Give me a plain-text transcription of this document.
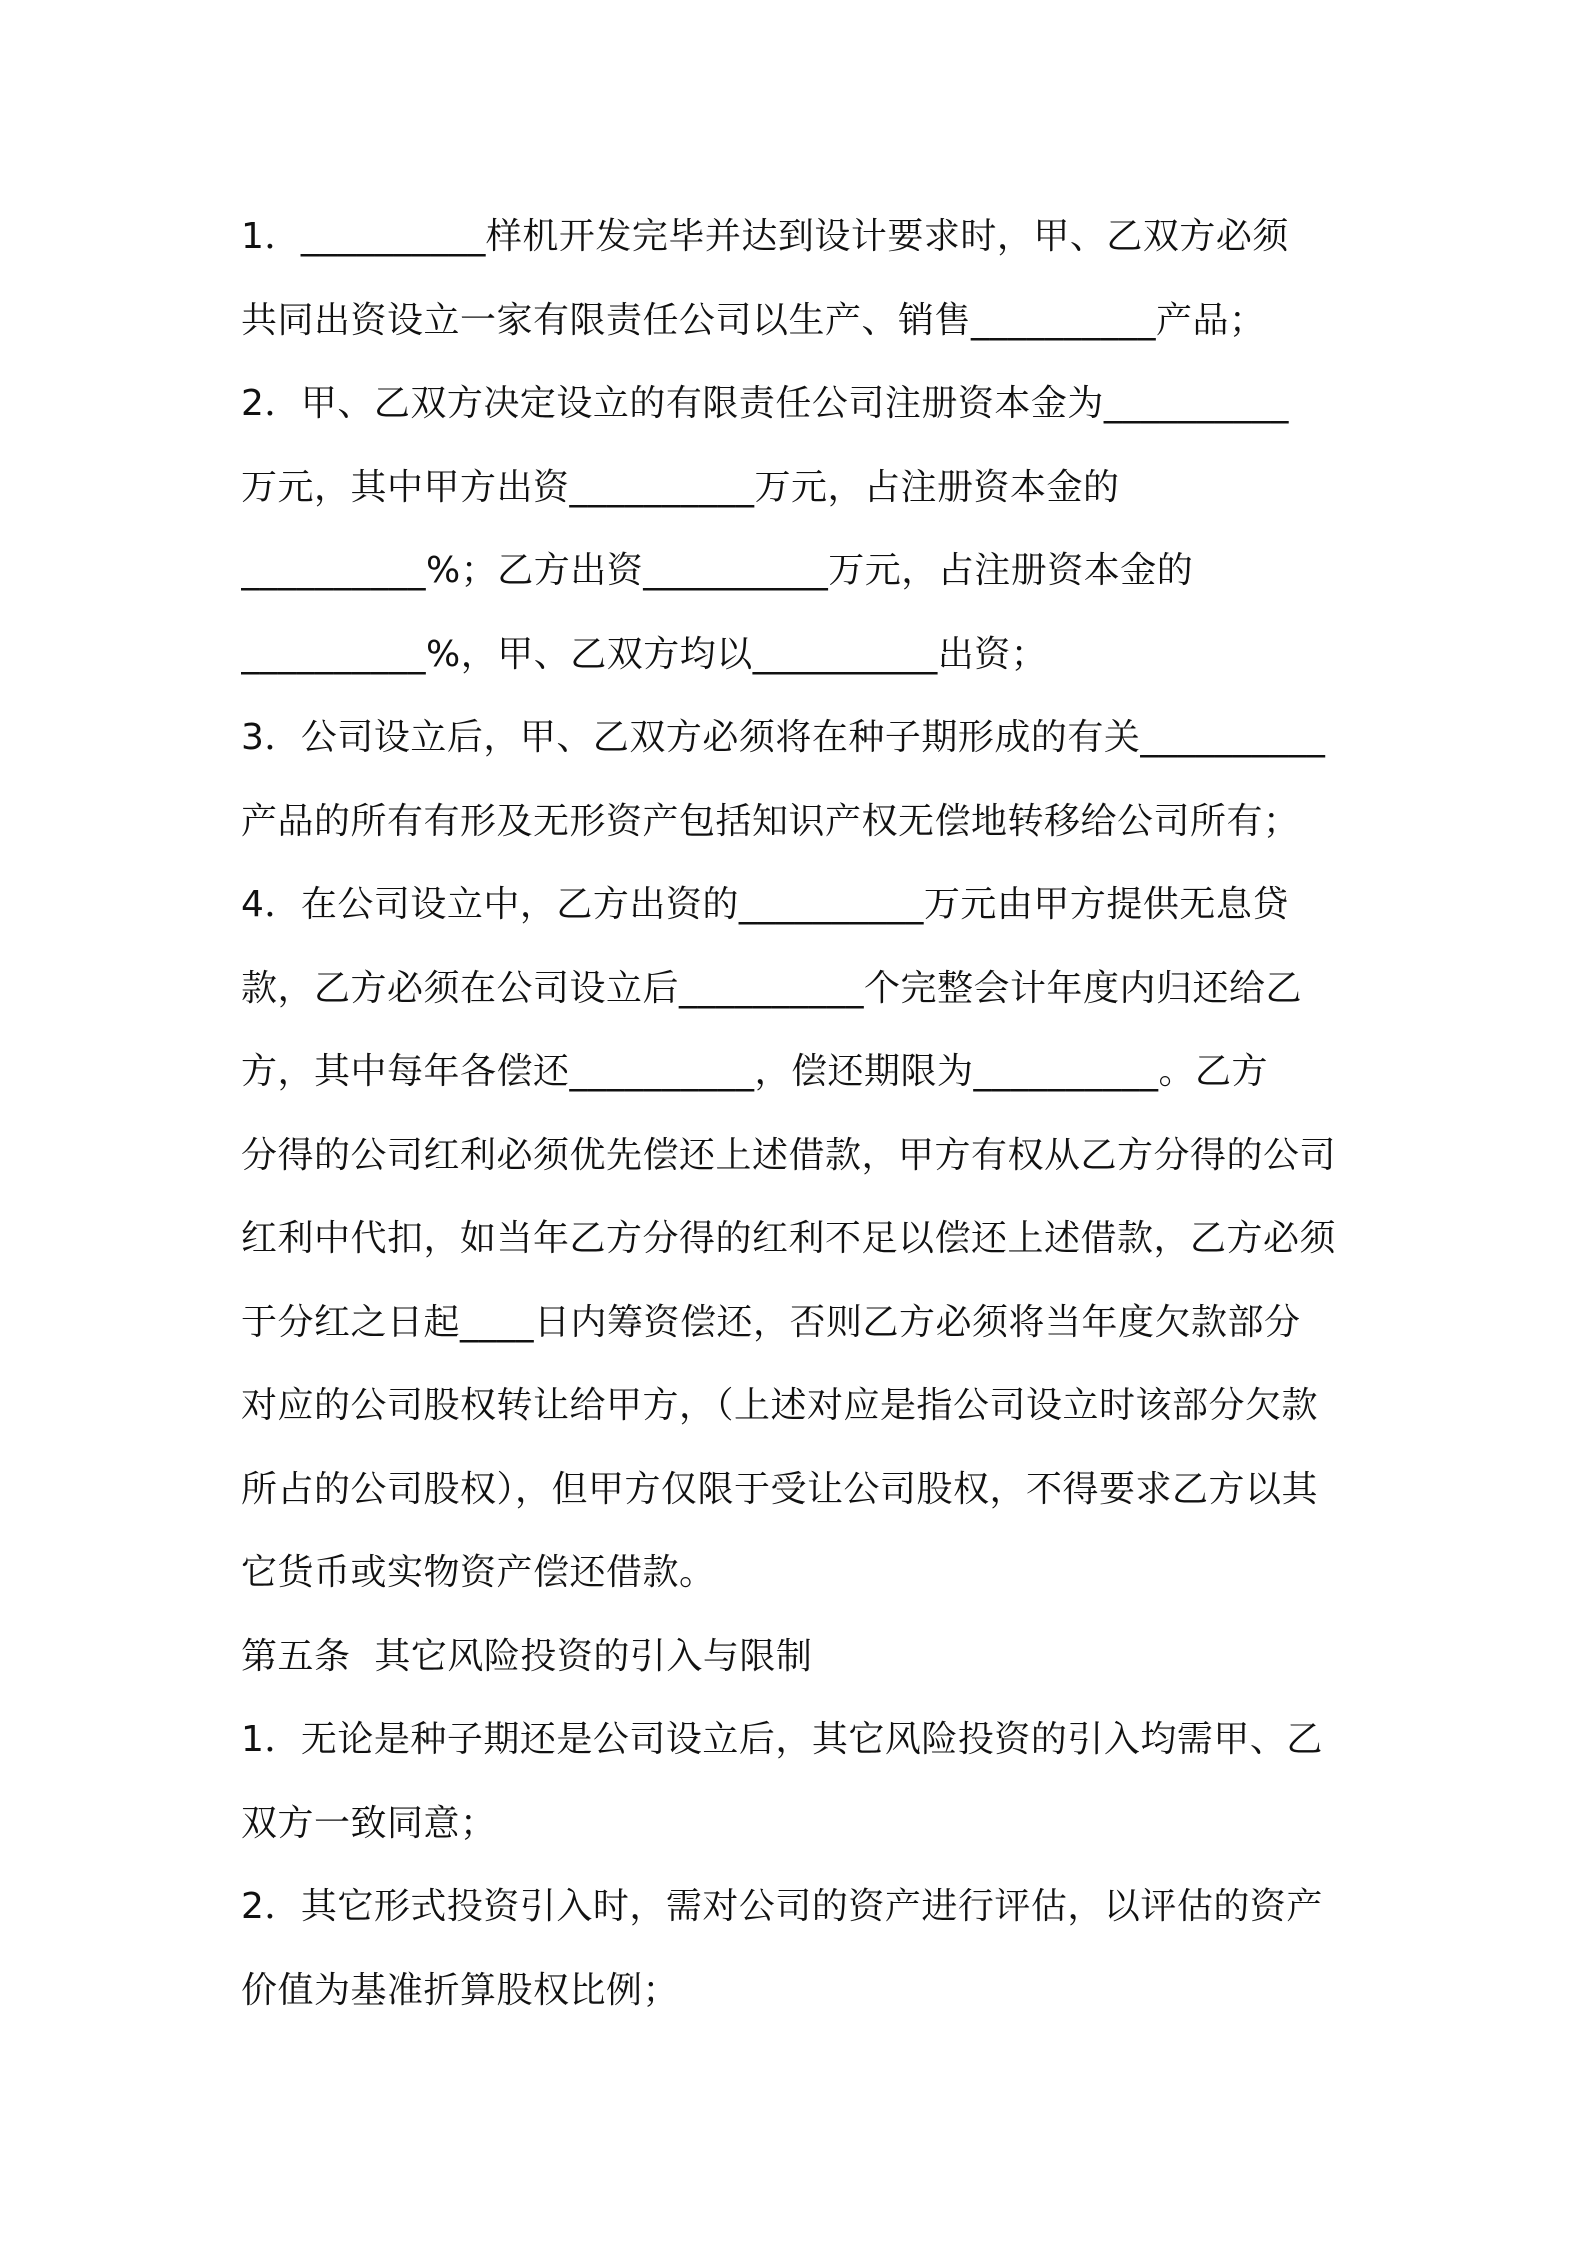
1．__________样机开发完毕并达到设计要求时，甲、乙双方必须
共同出资设立一家有限责任公司以生产、销售__________产品；
2．甲、乙双方决定设立的有限责任公司注册资本金为__________
万元，其中甲方出资__________万元，占注册资本金的
__________%；乙方出资__________万元，占注册资本金的
__________%，甲、乙双方均以__________出资；
3．公司设立后，甲、乙双方必须将在种子期形成的有关__________
产品的所有有形及无形资产包括知识产权无偿地转移给公司所有；
4．在公司设立中，乙方出资的__________万元由甲方提供无息贷
款，乙方必须在公司设立后__________个完整会计年度内归还给乙
方，其中每年各偿还__________，偿还期限为__________。乙方
分得的公司红利必须优先偿还上述借款，甲方有权从乙方分得的公司
红利中代扣，如当年乙方分得的红利不足以偿还上述借款，乙方必须
于分红之日起____日内筹资偿还，否则乙方必须将当年度欠款部分
对应的公司股权转让给甲方，（上述对应是指公司设立时该部分欠款
所占的公司股权），但甲方仅限于受让公司股权，不得要求乙方以其
它货币或实物资产偿还借款。
第五条  其它风险投资的引入与限制
1．无论是种子期还是公司设立后，其它风险投资的引入均需甲、乙
双方一致同意；
2．其它形式投资引入时，需对公司的资产进行评估，以评估的资产
价值为基准折算股权比例；
